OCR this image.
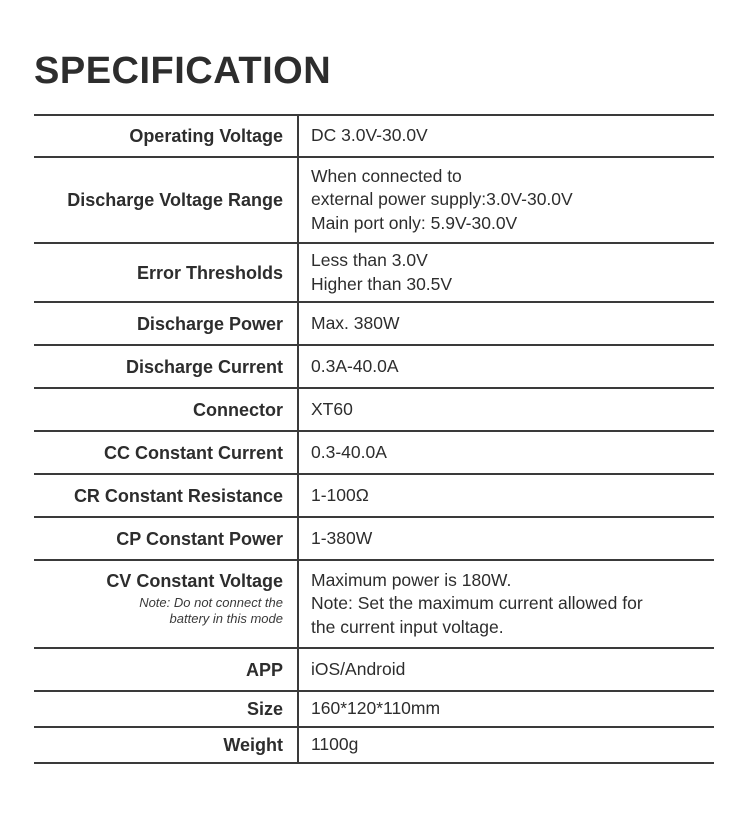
SPECIFICATION
Operating Voltage DC 3.0V-30.0V
Discharge Voltage Range
When connected to
external power supply:3.0V-30.0V
Main port only: 5.9V-30.0V
Error Thresholds
Less than 3.0V
Higher than 30.5V
Discharge Power Max. 380W
Discharge Current 0.3A-40.0A
Connector XT60
CC Constant Current 0.3-40.0A
CR Constant Resistance 1-100Ω
CP Constant Power 1-380W
CV Constant Voltage
Note: Do not connect the
battery in this mode
Maximum power is 180W.
Note: Set the maximum current allowed for
the current input voltage.
APP iOS/Android
Size 160*120*110mm
Weight 1100g
